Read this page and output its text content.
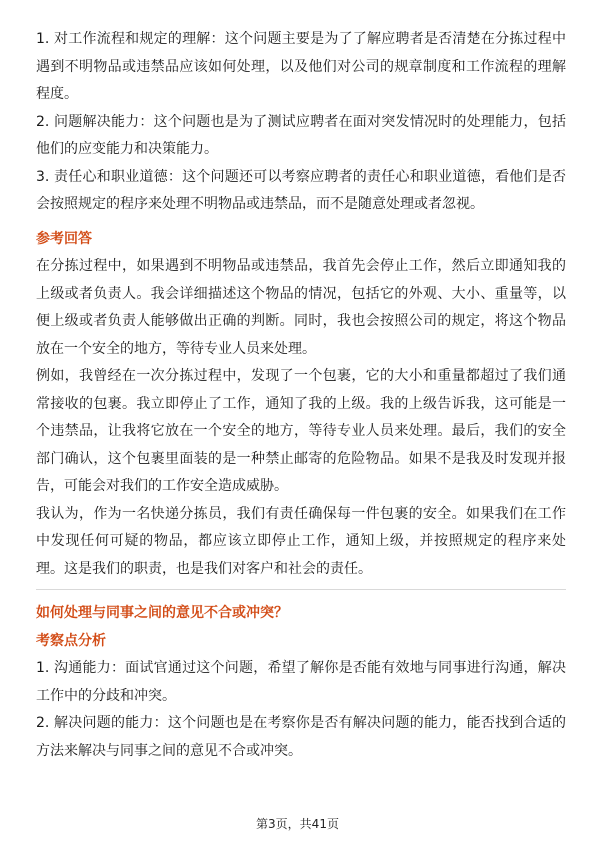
1. 对工作流程和规定的理解：这个问题主要是为了了解应聘者是否清楚在分拣过程中遇到不明物品或违禁品应该如何处理，以及他们对公司的规章制度和工作流程的理解程度。

2. 问题解决能力：这个问题也是为了测试应聘者在面对突发情况时的处理能力，包括他们的应变能力和决策能力。

3. 责任心和职业道德：这个问题还可以考察应聘者的责任心和职业道德，看他们是否会按照规定的程序来处理不明物品或违禁品，而不是随意处理或者忽视。

参考回答

在分拣过程中，如果遇到不明物品或违禁品，我首先会停止工作，然后立即通知我的上级或者负责人。我会详细描述这个物品的情况，包括它的外观、大小、重量等，以便上级或者负责人能够做出正确的判断。同时，我也会按照公司的规定，将这个物品放在一个安全的地方，等待专业人员来处理。

例如，我曾经在一次分拣过程中，发现了一个包裹，它的大小和重量都超过了我们通常接收的包裹。我立即停止了工作，通知了我的上级。我的上级告诉我，这可能是一个违禁品，让我将它放在一个安全的地方，等待专业人员来处理。最后，我们的安全部门确认，这个包裹里面装的是一种禁止邮寄的危险物品。如果不是我及时发现并报告，可能会对我们的工作安全造成威胁。

我认为，作为一名快递分拣员，我们有责任确保每一件包裹的安全。如果我们在工作中发现任何可疑的物品，都应该立即停止工作，通知上级，并按照规定的程序来处理。这是我们的职责，也是我们对客户和社会的责任。

如何处理与同事之间的意见不合或冲突？

考察点分析

1. 沟通能力：面试官通过这个问题，希望了解你是否能有效地与同事进行沟通，解决工作中的分歧和冲突。

2. 解决问题的能力：这个问题也是在考察你是否有解决问题的能力，能否找到合适的方法来解决与同事之间的意见不合或冲突。

第3页，共41页
